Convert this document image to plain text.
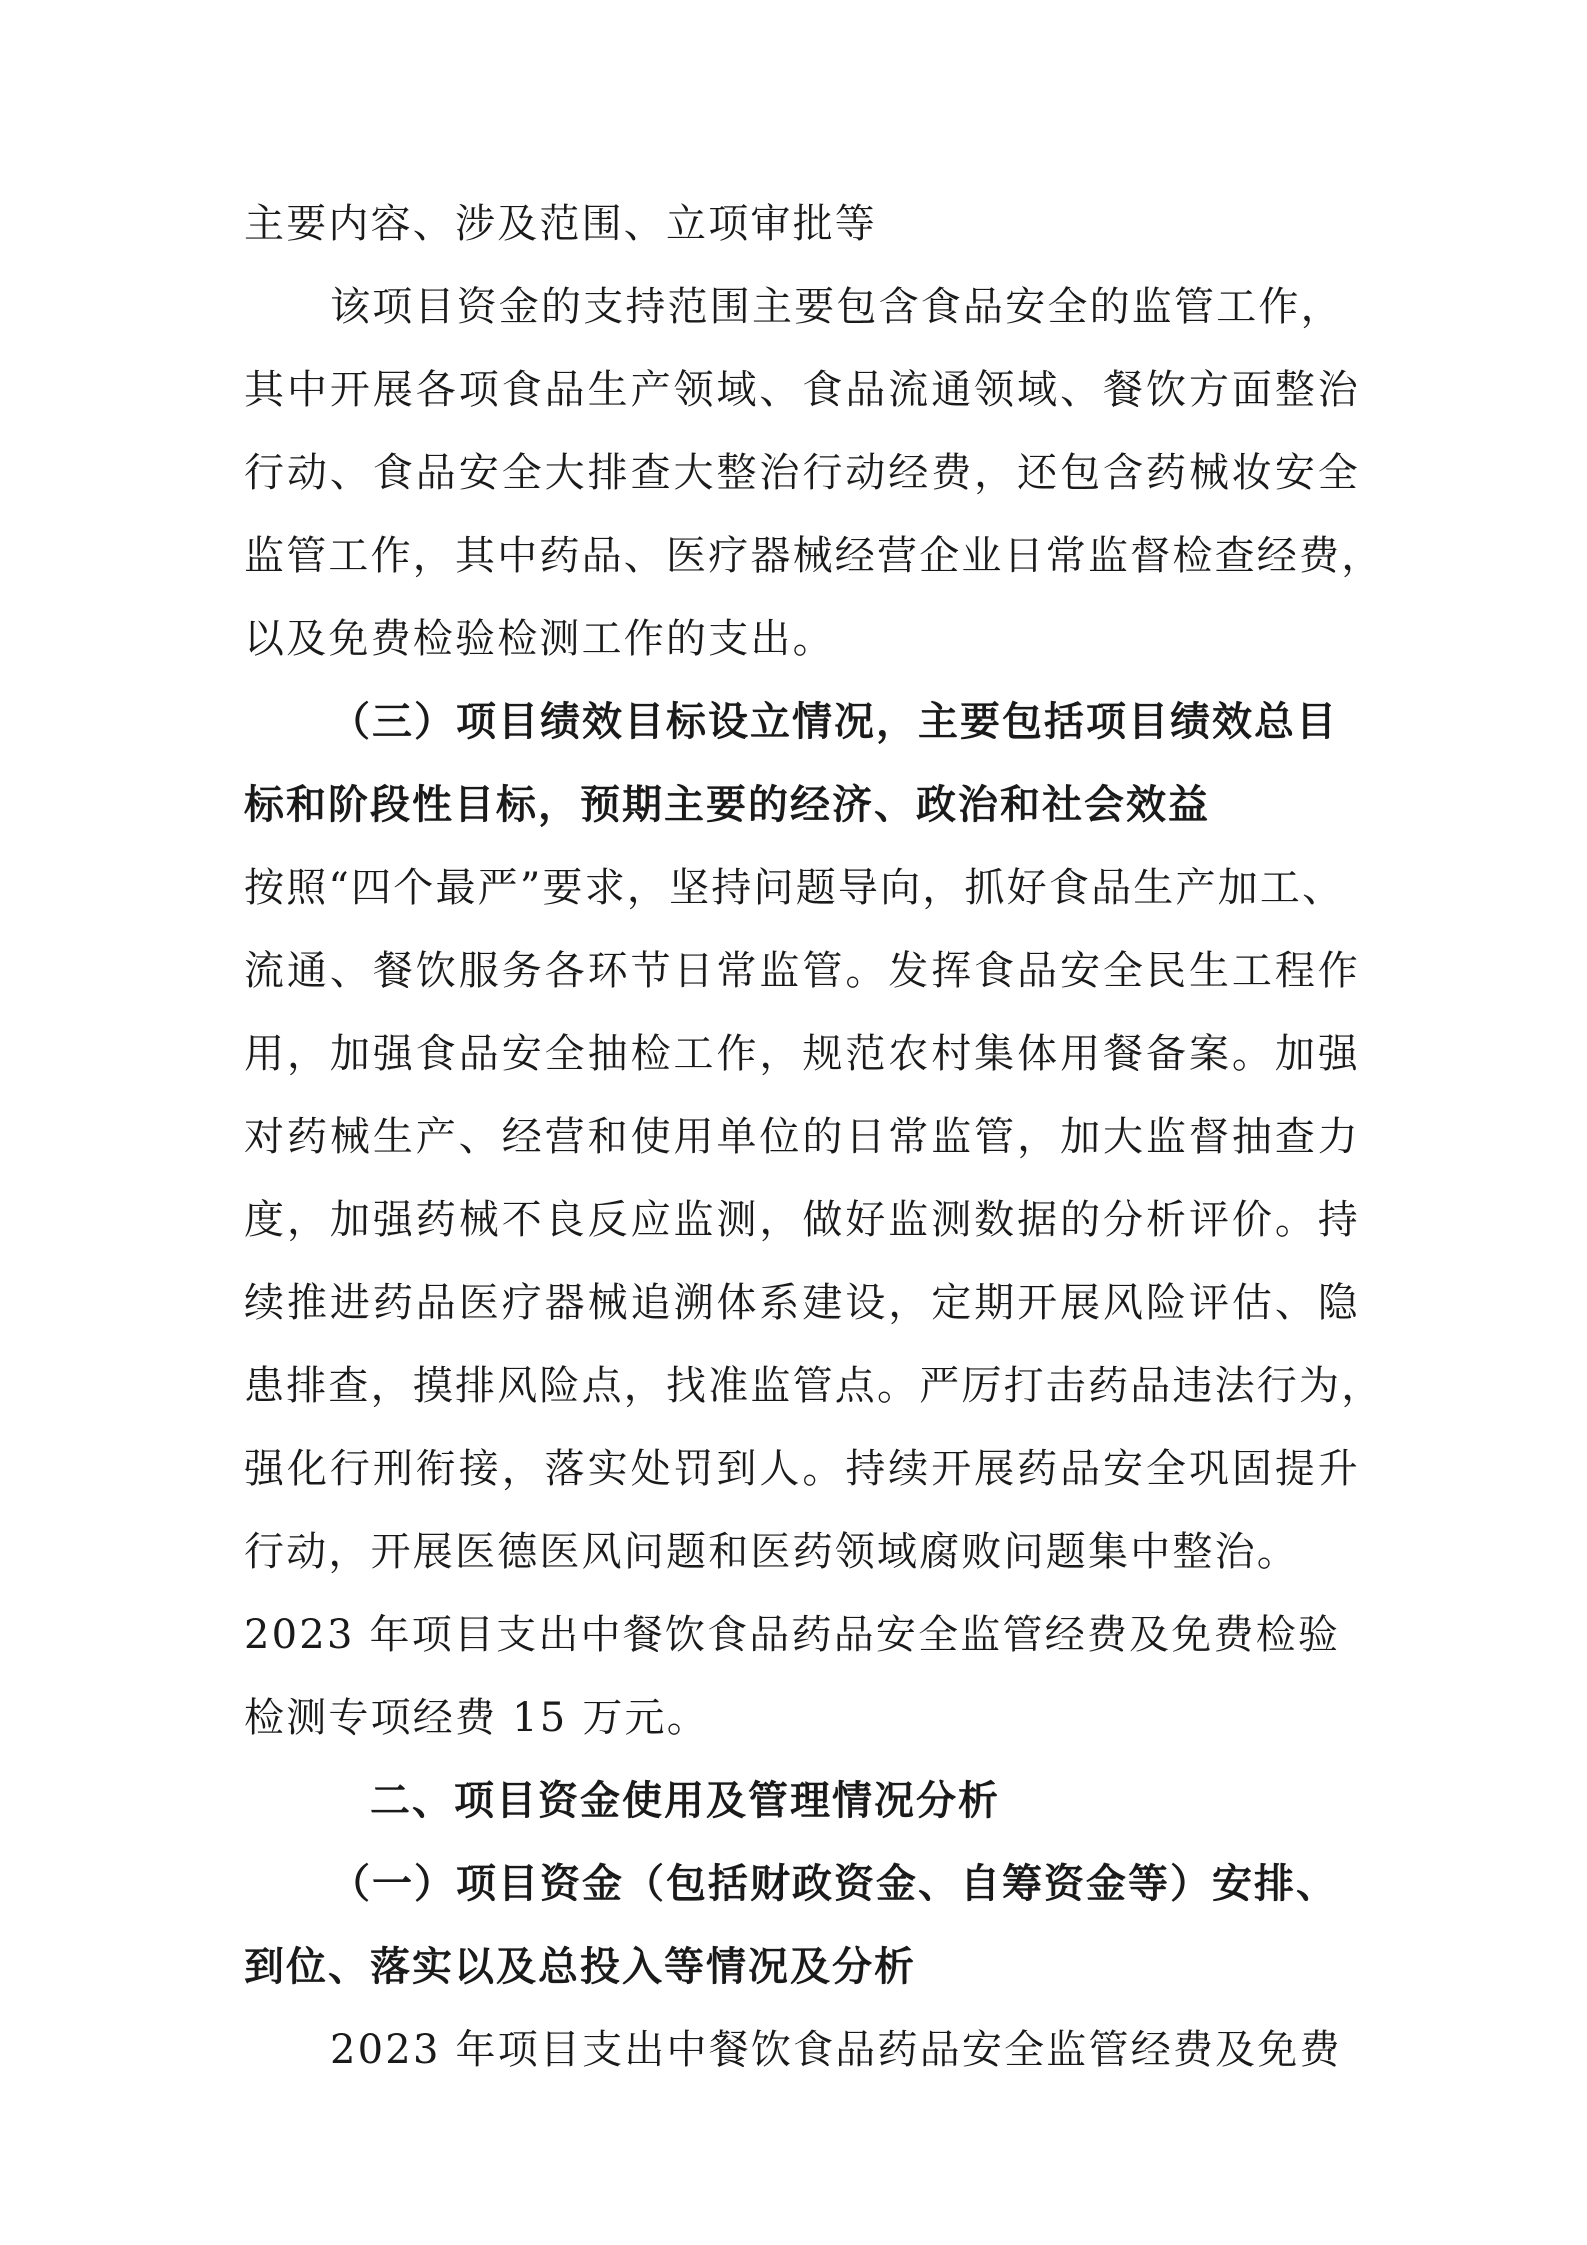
主要内容、涉及范围、立项审批等
该项目资金的支持范围主要包含食品安全的监管工作，
其中开展各项食品生产领域、食品流通领域、餐饮方面整治
行动、食品安全大排查大整治行动经费，还包含药械妆安全
监管工作，其中药品、医疗器械经营企业日常监督检查经费，
以及免费检验检测工作的支出。
（三）项目绩效目标设立情况，主要包括项目绩效总目
标和阶段性目标，预期主要的经济、政治和社会效益
按照“四个最严”要求，坚持问题导向，抓好食品生产加工、
流通、餐饮服务各环节日常监管。发挥食品安全民生工程作
用，加强食品安全抽检工作，规范农村集体用餐备案。加强
对药械生产、经营和使用单位的日常监管，加大监督抽查力
度，加强药械不良反应监测，做好监测数据的分析评价。持
续推进药品医疗器械追溯体系建设，定期开展风险评估、隐
患排查，摸排风险点，找准监管点。严厉打击药品违法行为，
强化行刑衔接，落实处罚到人。持续开展药品安全巩固提升
行动，开展医德医风问题和医药领域腐败问题集中整治。
2023 年项目支出中餐饮食品药品安全监管经费及免费检验
检测专项经费 15 万元。
二、项目资金使用及管理情况分析
（一）项目资金（包括财政资金、自筹资金等）安排、
到位、落实以及总投入等情况及分析
2023 年项目支出中餐饮食品药品安全监管经费及免费
